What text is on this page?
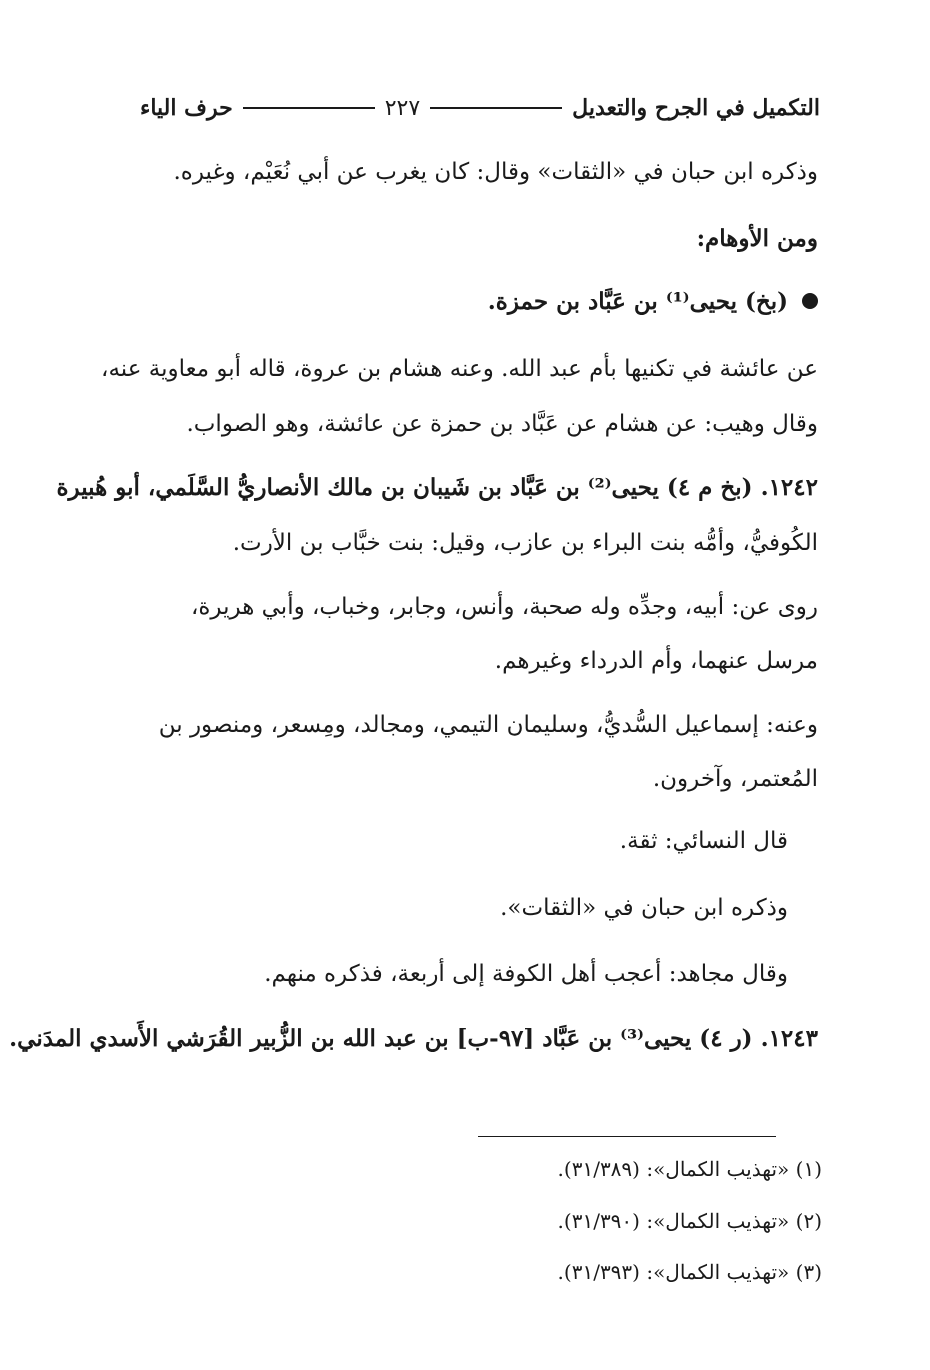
التكميل في الجرح والتعديل
٢٢٧
حرف الياء
وذكره ابن حبان في «الثقات» وقال: كان يغرب عن أبي نُعَيْم، وغيره.
ومن الأوهام:
(بخ) يحيى⁽¹⁾ بن عَبَّاد بن حمزة.
عن عائشة في تكنيها بأم عبد الله. وعنه هشام بن عروة، قاله أبو معاوية عنه،
وقال وهيب: عن هشام عن عَبَّاد بن حمزة عن عائشة، وهو الصواب.
١٢٤٢. (بخ م ٤) يحيى⁽²⁾ بن عَبَّاد بن شَيبان بن مالك الأنصاريُّ السَّلَمي، أبو هُبيرة
الكُوفيُّ، وأمُّه بنت البراء بن عازب، وقيل: بنت خبَّاب بن الأرت.
روى عن: أبيه، وجدِّه وله صحبة، وأنس، وجابر، وخباب، وأبي هريرة،
مرسل عنهما، وأم الدرداء وغيرهم.
وعنه: إسماعيل السُّديُّ، وسليمان التيمي، ومجالد، ومِسعر، ومنصور بن
المُعتمر، وآخرون.
قال النسائي: ثقة.
وذكره ابن حبان في «الثقات».
وقال مجاهد: أعجب أهل الكوفة إلى أربعة، فذكره منهم.
١٢٤٣. (ر ٤) يحيى⁽³⁾ بن عَبَّاد [٩٧-ب] بن عبد الله بن الزُّبير القُرَشي الأَسدي المدَني.
(١) «تهذيب الكمال»: (٣١/٣٨٩).
(٢) «تهذيب الكمال»: (٣١/٣٩٠).
(٣) «تهذيب الكمال»: (٣١/٣٩٣).
